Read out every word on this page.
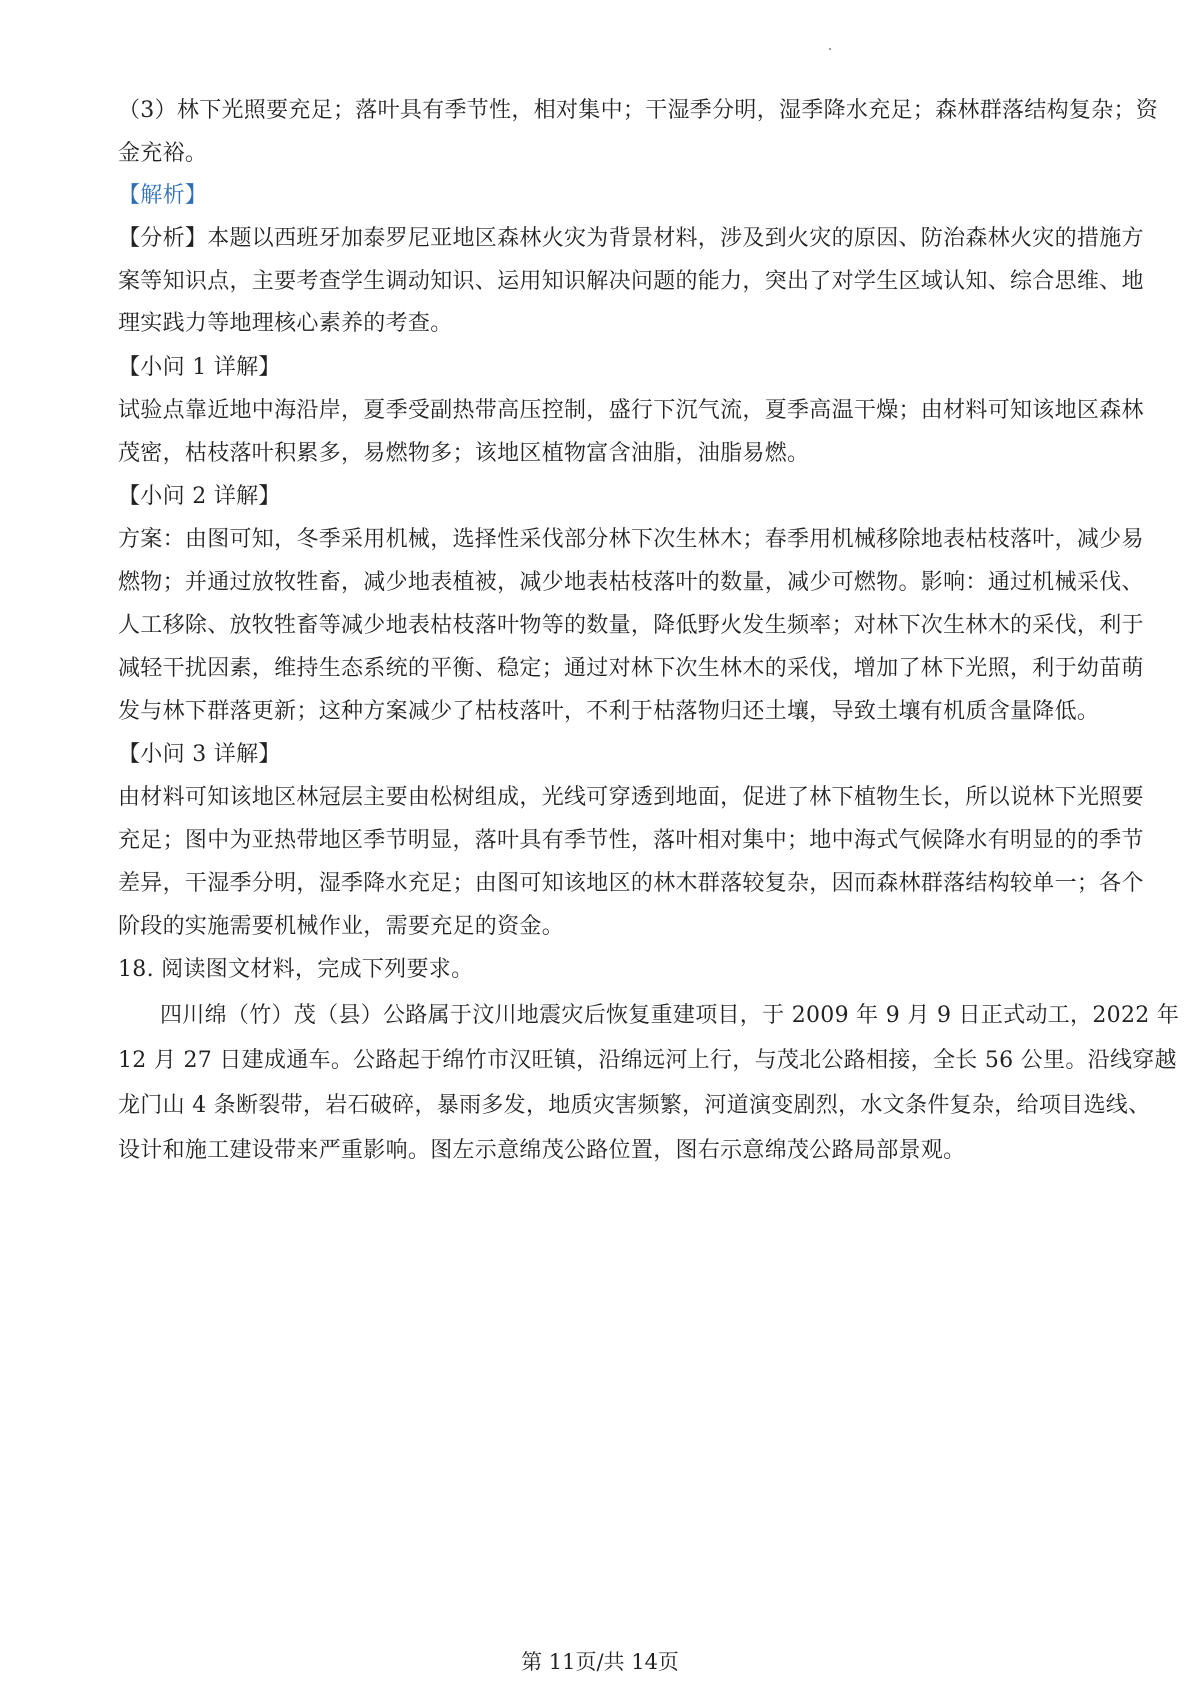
（3）林下光照要充足；落叶具有季节性，相对集中；干湿季分明，湿季降水充足；森林群落结构复杂；资
金充裕。
【解析】
【分析】本题以西班牙加泰罗尼亚地区森林火灾为背景材料，涉及到火灾的原因、防治森林火灾的措施方
案等知识点，主要考查学生调动知识、运用知识解决问题的能力，突出了对学生区域认知、综合思维、地
理实践力等地理核心素养的考查。
【小问 1 详解】
试验点靠近地中海沿岸，夏季受副热带高压控制，盛行下沉气流，夏季高温干燥；由材料可知该地区森林
茂密，枯枝落叶积累多，易燃物多；该地区植物富含油脂，油脂易燃。
【小问 2 详解】
方案：由图可知，冬季采用机械，选择性采伐部分林下次生林木；春季用机械移除地表枯枝落叶，减少易
燃物；并通过放牧牲畜，减少地表植被，减少地表枯枝落叶的数量，减少可燃物。影响：通过机械采伐、
人工移除、放牧牲畜等减少地表枯枝落叶物等的数量，降低野火发生频率；对林下次生林木的采伐，利于
减轻干扰因素，维持生态系统的平衡、稳定；通过对林下次生林木的采伐，增加了林下光照，利于幼苗萌
发与林下群落更新；这种方案减少了枯枝落叶，不利于枯落物归还土壤，导致土壤有机质含量降低。
【小问 3 详解】
由材料可知该地区林冠层主要由松树组成，光线可穿透到地面，促进了林下植物生长，所以说林下光照要
充足；图中为亚热带地区季节明显，落叶具有季节性，落叶相对集中；地中海式气候降水有明显的的季节
差异，干湿季分明，湿季降水充足；由图可知该地区的林木群落较复杂，因而森林群落结构较单一；各个
阶段的实施需要机械作业，需要充足的资金。
18. 阅读图文材料，完成下列要求。
四川绵（竹）茂（县）公路属于汶川地震灾后恢复重建项目，于 2009 年 9 月 9 日正式动工，2022 年
12 月 27 日建成通车。公路起于绵竹市汉旺镇，沿绵远河上行，与茂北公路相接，全长 56 公里。沿线穿越
龙门山 4 条断裂带，岩石破碎，暴雨多发，地质灾害频繁，河道演变剧烈，水文条件复杂，给项目选线、
设计和施工建设带来严重影响。图左示意绵茂公路位置，图右示意绵茂公路局部景观。
第 11页/共 14页
